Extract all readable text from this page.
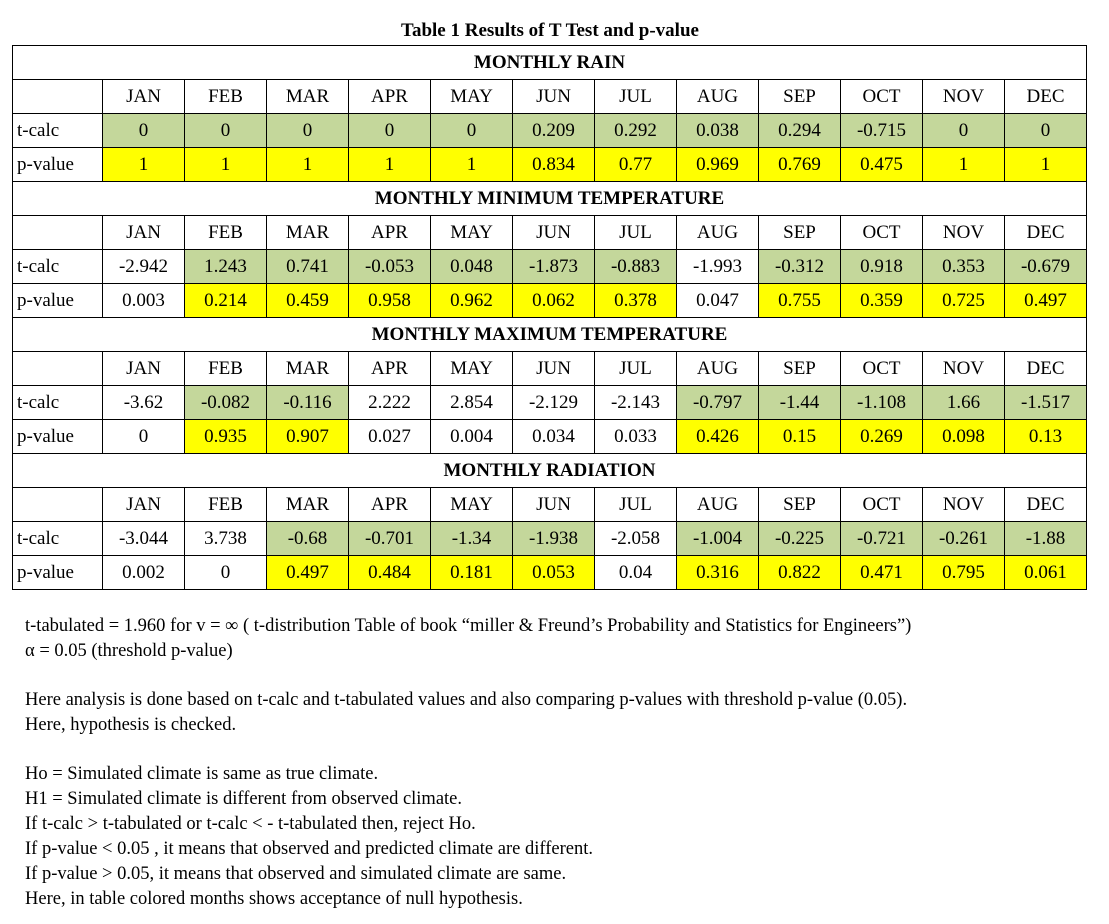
Table 1 Results of T Test and p-value
MONTHLY RAIN												
	JAN	FEB	MAR	APR	MAY	JUN	JUL	AUG	SEP	OCT	NOV	DEC
t-calc	0	0	0	0	0	0.209	0.292	0.038	0.294	-0.715	0	0
p-value	1	1	1	1	1	0.834	0.77	0.969	0.769	0.475	1	1
MONTHLY MINIMUM TEMPERATURE												
	JAN	FEB	MAR	APR	MAY	JUN	JUL	AUG	SEP	OCT	NOV	DEC
t-calc	-2.942	1.243	0.741	-0.053	0.048	-1.873	-0.883	-1.993	-0.312	0.918	0.353	-0.679
p-value	0.003	0.214	0.459	0.958	0.962	0.062	0.378	0.047	0.755	0.359	0.725	0.497
MONTHLY MAXIMUM TEMPERATURE												
	JAN	FEB	MAR	APR	MAY	JUN	JUL	AUG	SEP	OCT	NOV	DEC
t-calc	-3.62	-0.082	-0.116	2.222	2.854	-2.129	-2.143	-0.797	-1.44	-1.108	1.66	-1.517
p-value	0	0.935	0.907	0.027	0.004	0.034	0.033	0.426	0.15	0.269	0.098	0.13
MONTHLY RADIATION												
	JAN	FEB	MAR	APR	MAY	JUN	JUL	AUG	SEP	OCT	NOV	DEC
t-calc	-3.044	3.738	-0.68	-0.701	-1.34	-1.938	-2.058	-1.004	-0.225	-0.721	-0.261	-1.88
p-value	0.002	0	0.497	0.484	0.181	0.053	0.04	0.316	0.822	0.471	0.795	0.061

t-tabulated = 1.960 for v = ∞ ( t-distribution Table of book “miller & Freund’s Probability and Statistics for Engineers”)

α = 0.05 (threshold p-value)

Here analysis is done based on t-calc and t-tabulated values and also comparing p-values with threshold p-value (0.05).

Here, hypothesis is checked.

Ho = Simulated climate is same as true climate.

H1 = Simulated climate is different from observed climate.

If t-calc > t-tabulated or t-calc < - t-tabulated then, reject Ho.

If p-value < 0.05 , it means that observed and predicted climate are different.

If p-value > 0.05, it means that observed and simulated climate are same.

Here, in table colored months shows acceptance of null hypothesis.
